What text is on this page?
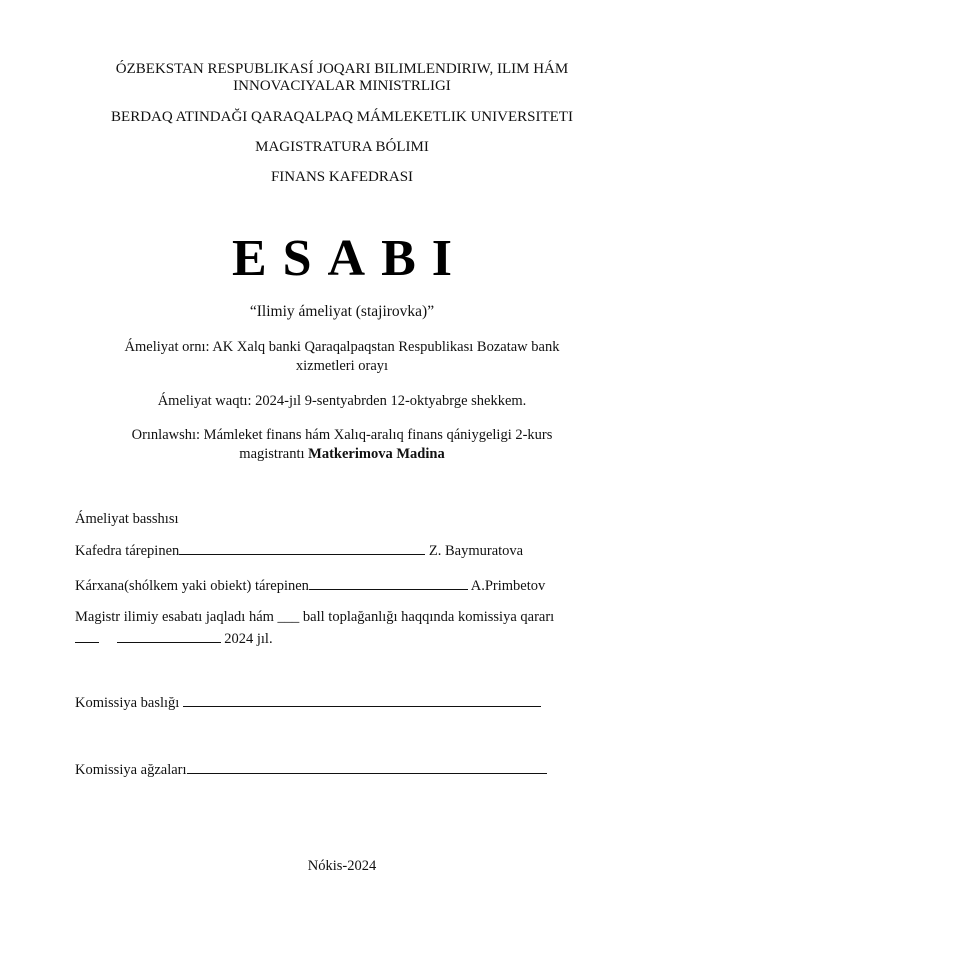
ÓZBEKSTAN RESPUBLIKASÍ JOQARI BILIMLENDIRIW, ILIM HÁM
INNOVACIYALAR MINISTRLIGI
BERDAQ ATINDAĞI QARAQALPAQ MÁMLEKETLIK UNIVERSITETI
MAGISTRATURA BÓLIMI
FINANS KAFEDRASI
ESABI
“Ilimiy ámeliyat (stajirovka)”
Ámeliyat ornı: AK Xalq banki Qaraqalpaqstan Respublikası Bozataw bank
xizmetleri orayı
Ámeliyat waqtı: 2024-jıl 9-sentyabrden 12-oktyabrge shekkem.
Orınlawshı: Mámleket finans hám Xalıq-aralıq finans qániygeligi 2-kurs
magistrantı Matkerimova Madina
Ámeliyat basshısı
Kafedra tárepinen	Z. Baymuratova
Kárxana(shólkem yaki obiekt) tárepinen	A.Primbetov
Magistr ilimiy esabatı jaqladı hám ___ ball toplağanlığı haqqında komissiya qararı
2024 jıl.
Komissiya baslığı
Komissiya ağzaları
Nókis-2024
